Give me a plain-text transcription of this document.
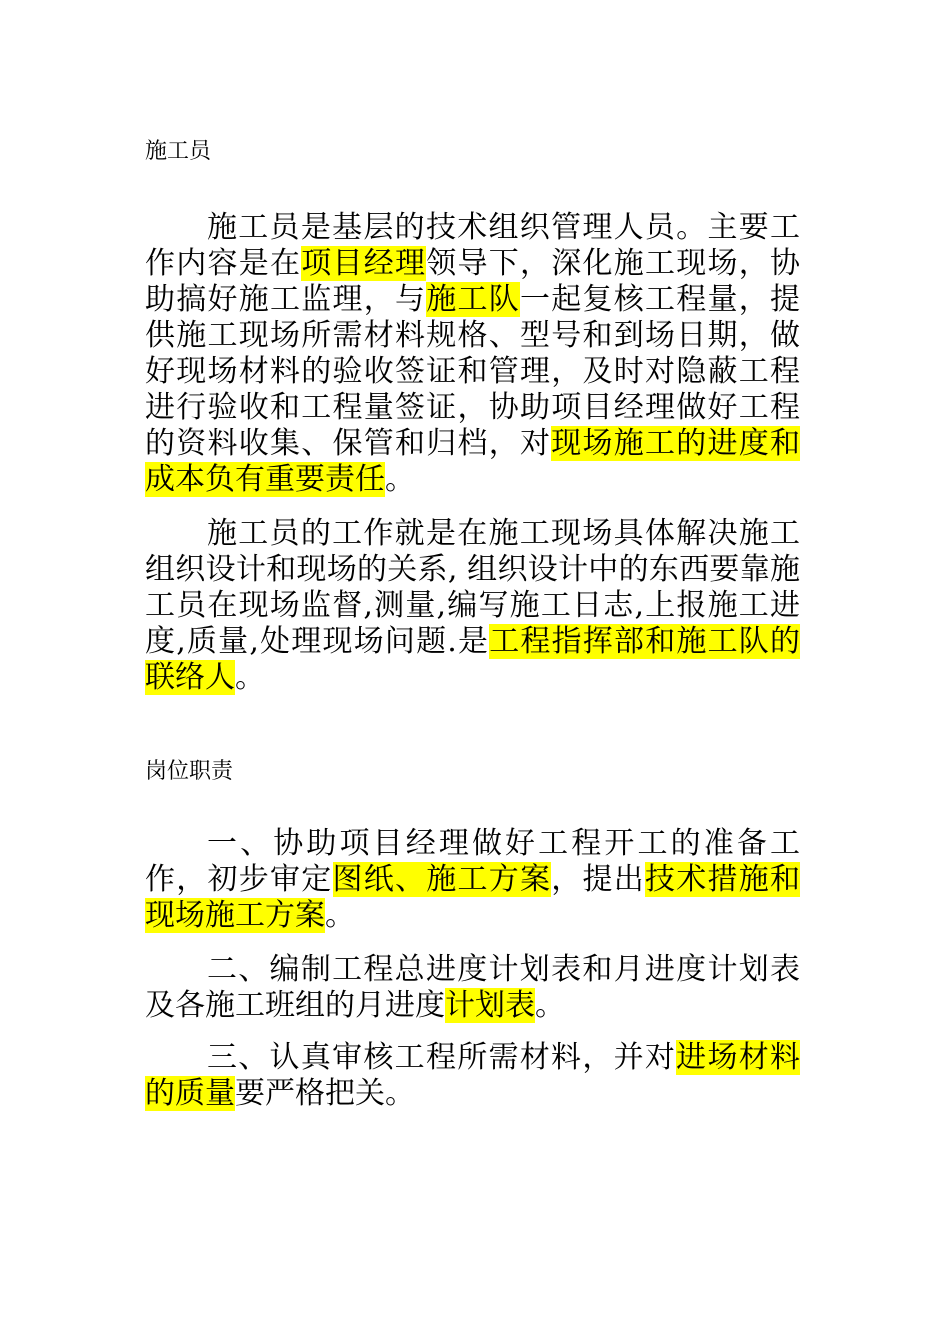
施工员

施工员是基层的技术组织管理人员。主要工作内容是在项目经理领导下，深化施工现场，协助搞好施工监理，与施工队一起复核工程量，提供施工现场所需材料规格、型号和到场日期，做好现场材料的验收签证和管理，及时对隐蔽工程进行验收和工程量签证，协助项目经理做好工程的资料收集、保管和归档，对现场施工的进度和成本负有重要责任。

施工员的工作就是在施工现场具体解决施工组织设计和现场的关系, 组织设计中的东西要靠施工员在现场监督,测量,编写施工日志,上报施工进度,质量,处理现场问题.是工程指挥部和施工队的联络人。

岗位职责

一、协助项目经理做好工程开工的准备工作，初步审定图纸、施工方案，提出技术措施和现场施工方案。

二、编制工程总进度计划表和月进度计划表及各施工班组的月进度计划表。

三、认真审核工程所需材料，并对进场材料的质量要严格把关。
